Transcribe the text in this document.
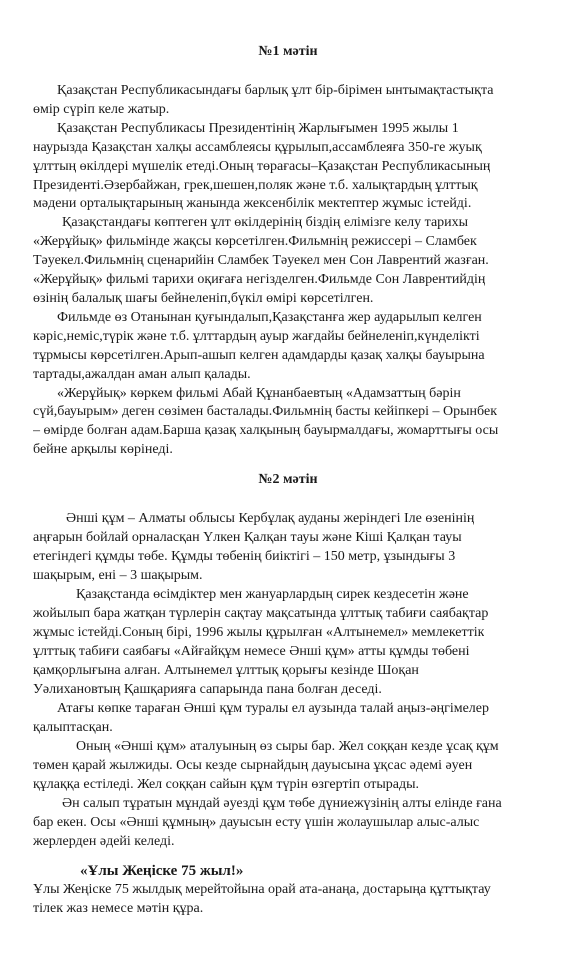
№1 мәтін
Қазақстан Республикасындағы барлық ұлт бір-бірімен ынтымақтастықта
өмір сүріп келе жатыр.
Қазақстан Республикасы Президентінің Жарлығымен 1995 жылы 1
наурызда Қазақстан халқы ассамблеясы құрылып,ассамблеяға 350-ге жуық
ұлттың өкілдері мүшелік етеді.Оның төрағасы–Қазақстан Республикасының
Президенті.Әзербайжан, грек,шешен,поляк және т.б. халықтардың ұлттық
мәдени орталықтарының жанында жексенбілік мектептер жұмыс істейді.
Қазақстандағы көптеген ұлт өкілдерінің біздің елімізге келу тарихы
«Жерұйық» фильмінде жақсы көрсетілген.Фильмнің режиссері – Сламбек
Тәуекел.Фильмнің сценарийін Сламбек Тәуекел мен Сон Лаврентий жазған.
«Жерұйық» фильмі тарихи оқиғаға негізделген.Фильмде Сон Лаврентийдің
өзінің балалық шағы бейнеленіп,бүкіл өмірі көрсетілген.
Фильмде өз Отанынан қуғындалып,Қазақстанға жер аударылып келген
кәріс,неміс,түрік және т.б. ұлттардың ауыр жағдайы бейнеленіп,күнделікті
тұрмысы көрсетілген.Арып-ашып келген адамдарды қазақ халқы бауырына
тартады,ажалдан аман алып қалады.
«Жерұйық» көркем фильмі Абай Құнанбаевтың «Адамзаттың бәрін
сүй,бауырым» деген сөзімен басталады.Фильмнің басты кейіпкері – Орынбек
– өмірде болған адам.Барша қазақ халқының бауырмалдағы, жомарттығы осы
бейне арқылы көрінеді.
№2 мәтін
Әнші құм – Алматы облысы Кербұлақ ауданы жеріндегі Іле өзенінің
аңғарын бойлай орналасқан Үлкен Қалқан тауы және Кіші Қалқан тауы
етегіндегі құмды төбе. Құмды төбенің биіктігі – 150 метр, ұзындығы 3
шақырым, ені – 3 шақырым.
Қазақстанда өсімдіктер мен жануарлардың сирек кездесетін және
жойылып бара жатқан түрлерін сақтау мақсатында ұлттық табиғи саябақтар
жұмыс істейді.Соның бірі, 1996 жылы құрылған «Алтынемел» мемлекеттік
ұлттық табиғи саябағы «Айғайқұм немесе Әнші құм» атты құмды төбені
қамқорлығына алған. Алтынемел ұлттық қорығы кезінде Шоқан
Уәлихановтың Қашқарияға сапарында пана болған деседі.
Атағы көпке тараған Әнші құм туралы ел аузында талай аңыз-әңгімелер
қалыптасқан.
Оның «Әнші құм» аталуының өз сыры бар. Жел соққан кезде ұсақ құм
төмен қарай жылжиды. Осы кезде сырнайдың дауысына ұқсас әдемі әуен
құлаққа естіледі. Жел соққан сайын құм түрін өзгертіп отырады.
Ән салып тұратын мұндай әуезді құм төбе дүниежүзінің алты елінде ғана
бар екен. Осы «Әнші құмның» дауысын есту үшін жолаушылар алыс-алыс
жерлерден әдейі келеді.
«Ұлы Жеңіске 75 жыл!»
Ұлы Жеңіске 75 жылдық мерейтойына орай ата-анаңа, достарыңа құттықтау
тілек жаз немесе мәтін құра.
